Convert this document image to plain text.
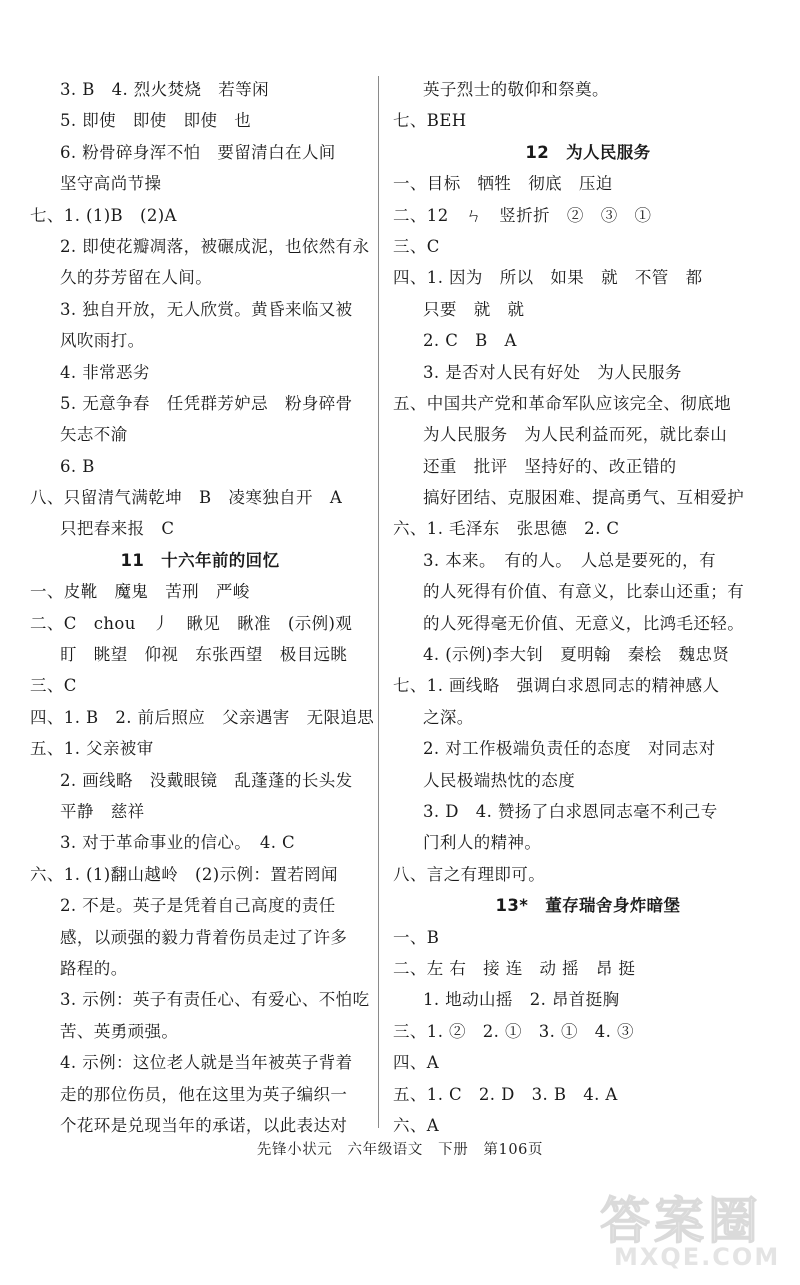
3. B　4. 烈火焚烧　若等闲
5. 即使　即使　即使　也
6. 粉骨碎身浑不怕　要留清白在人间
坚守高尚节操
七、1. (1)B　(2)A
2. 即使花瓣凋落，被碾成泥，也依然有永
久的芬芳留在人间。
3. 独自开放，无人欣赏。黄昏来临又被
风吹雨打。
4. 非常恶劣
5. 无意争春　任凭群芳妒忌　粉身碎骨
矢志不渝
6. B
八、只留清气满乾坤　B　凌寒独自开　A
只把春来报　C
11　十六年前的回忆
一、皮靴　魔鬼　苦刑　严峻
二、C　chou　丿　瞅见　瞅准　(示例)观
盯　眺望　仰视　东张西望　极目远眺
三、C
四、1. B　2. 前后照应　父亲遇害　无限追思
五、1. 父亲被审
2. 画线略　没戴眼镜　乱蓬蓬的长头发
平静　慈祥
3. 对于革命事业的信心。　4. C
六、1. (1)翻山越岭　(2)示例：置若罔闻
2. 不是。英子是凭着自己高度的责任
感，以顽强的毅力背着伤员走过了许多
路程的。
3. 示例：英子有责任心、有爱心、不怕吃
苦、英勇顽强。
4. 示例：这位老人就是当年被英子背着
走的那位伤员，他在这里为英子编织一
个花环是兑现当年的承诺，以此表达对
英子烈士的敬仰和祭奠。
七、BEH
12　为人民服务
一、目标　牺牲　彻底　压迫
二、12　ㄣ　竖折折　②　③　①
三、C
四、1. 因为　所以　如果　就　不管　都
只要　就　就
2. C　B　A
3. 是否对人民有好处　为人民服务
五、中国共产党和革命军队应该完全、彻底地
为人民服务　为人民利益而死，就比泰山
还重　批评　坚持好的、改正错的
搞好团结、克服困难、提高勇气、互相爱护
六、1. 毛泽东　张思德　2. C
3. 本来。　有的人。　人总是要死的，有
的人死得有价值、有意义，比泰山还重；有
的人死得毫无价值、无意义，比鸿毛还轻。
4. (示例)李大钊　夏明翰　秦桧　魏忠贤
七、1. 画线略　强调白求恩同志的精神感人
之深。
2. 对工作极端负责任的态度　对同志对
人民极端热忱的态度
3. D　4. 赞扬了白求恩同志毫不利己专
门利人的精神。
八、言之有理即可。
13*　董存瑞舍身炸暗堡
一、B
二、左 右　接 连　动 摇　昂 挺
1. 地动山摇　2. 昂首挺胸
三、1. ②　2. ①　3. ①　4. ③
四、A
五、1. C　2. D　3. B　4. A
六、A
先锋小状元　六年级语文　下册　第106页
答案圈
MXQE.COM
